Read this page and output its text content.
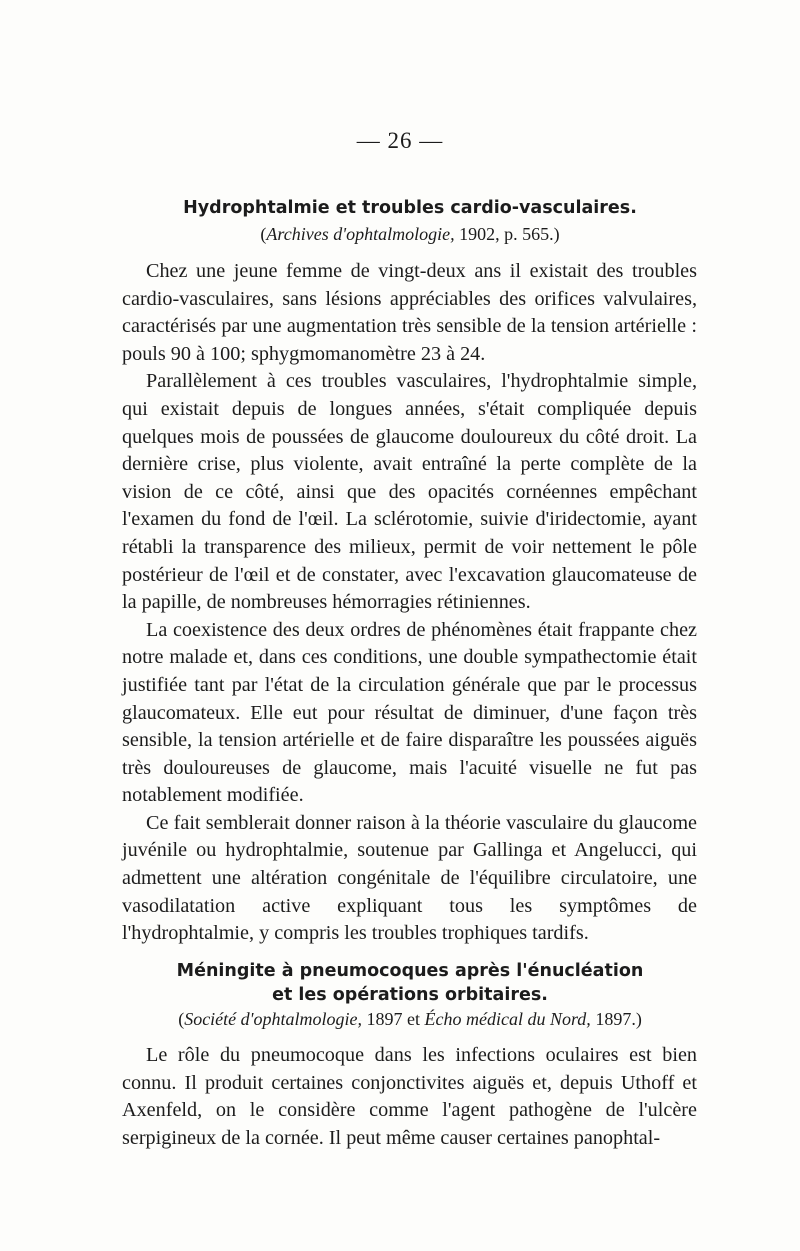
— 26 —
Hydrophtalmie et troubles cardio-vasculaires.
(Archives d'ophtalmologie, 1902, p. 565.)

Chez une jeune femme de vingt-deux ans il existait des troubles cardio-vasculaires, sans lésions appréciables des orifices valvulaires, caractérisés par une augmentation très sensible de la tension artérielle : pouls 90 à 100; sphygmomanomètre 23 à 24.

Parallèlement à ces troubles vasculaires, l'hydrophtalmie simple, qui existait depuis de longues années, s'était compliquée depuis quelques mois de poussées de glaucome douloureux du côté droit. La dernière crise, plus violente, avait entraîné la perte complète de la vision de ce côté, ainsi que des opacités cornéennes empêchant l'examen du fond de l'œil. La sclérotomie, suivie d'iridectomie, ayant rétabli la transparence des milieux, permit de voir nettement le pôle postérieur de l'œil et de constater, avec l'excavation glaucomateuse de la papille, de nombreuses hémorragies rétiniennes.

La coexistence des deux ordres de phénomènes était frappante chez notre malade et, dans ces conditions, une double sympathectomie était justifiée tant par l'état de la circulation générale que par le processus glaucomateux. Elle eut pour résultat de diminuer, d'une façon très sensible, la tension artérielle et de faire disparaître les poussées aiguës très douloureuses de glaucome, mais l'acuité visuelle ne fut pas notablement modifiée.

Ce fait semblerait donner raison à la théorie vasculaire du glaucome juvénile ou hydrophtalmie, soutenue par Gallinga et Angelucci, qui admettent une altération congénitale de l'équilibre circulatoire, une vasodilatation active expliquant tous les symptômes de l'hydrophtalmie, y compris les troubles trophiques tardifs.

Méningite à pneumocoques après l'énucléation
et les opérations orbitaires.
(Société d'ophtalmologie, 1897 et Écho médical du Nord, 1897.)

Le rôle du pneumocoque dans les infections oculaires est bien connu. Il produit certaines conjonctivites aiguës et, depuis Uthoff et Axenfeld, on le considère comme l'agent pathogène de l'ulcère serpigineux de la cornée. Il peut même causer certaines panophtal-
